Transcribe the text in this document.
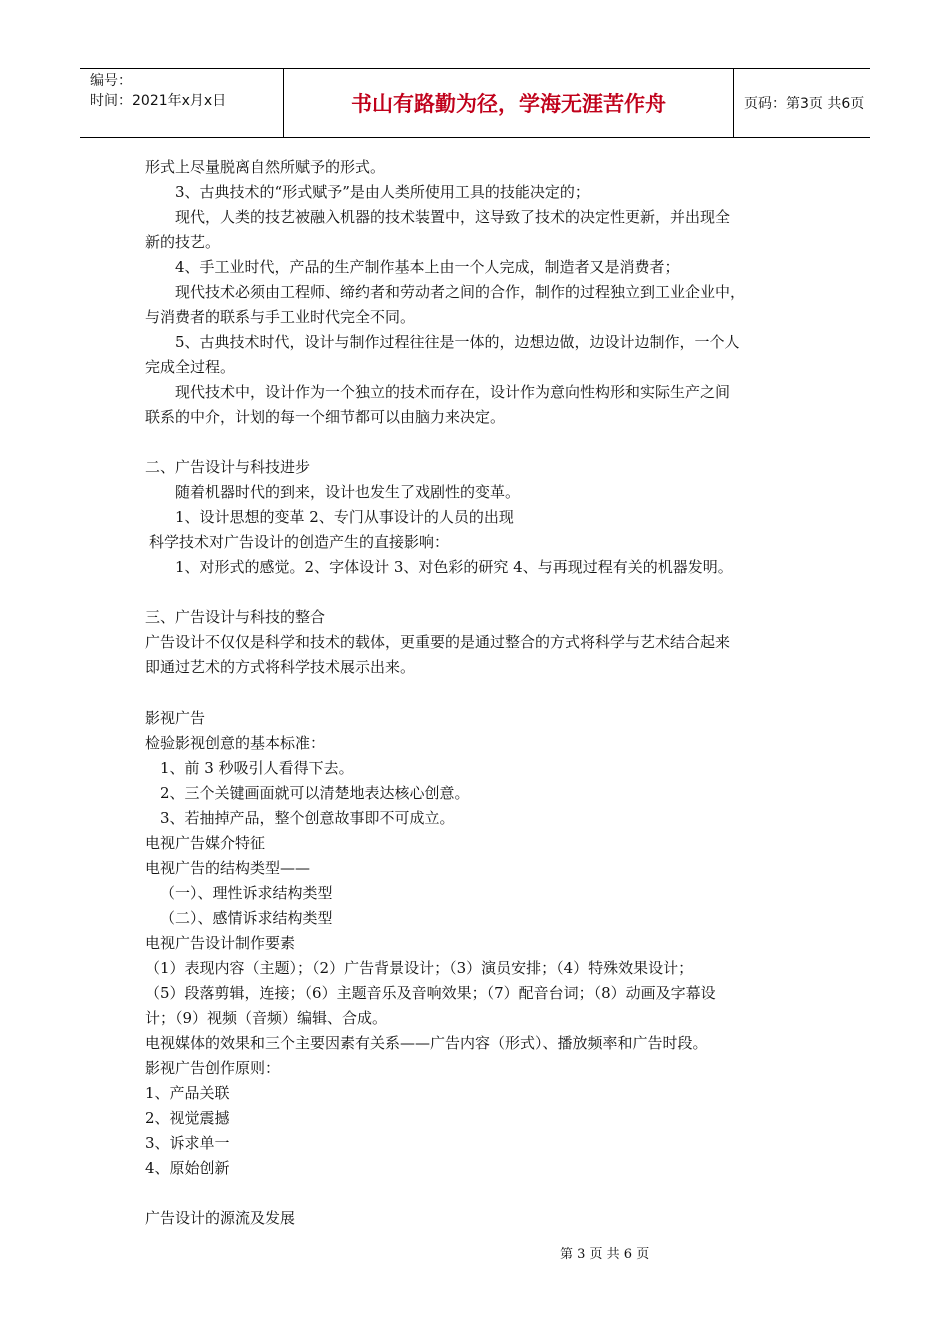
编号：
时间：2021年x月x日	书山有路勤为径，学海无涯苦作舟	页码：第3页 共6页
形式上尽量脱离自然所赋予的形式。
3、古典技术的“形式赋予”是由人类所使用工具的技能决定的；
现代，人类的技艺被融入机器的技术装置中，这导致了技术的决定性更新，并出现全
新的技艺。
4、手工业时代，产品的生产制作基本上由一个人完成，制造者又是消费者；
现代技术必须由工程师、缔约者和劳动者之间的合作，制作的过程独立到工业企业中，
与消费者的联系与手工业时代完全不同。
5、古典技术时代，设计与制作过程往往是一体的，边想边做，边设计边制作，一个人
完成全过程。
现代技术中，设计作为一个独立的技术而存在，设计作为意向性构形和实际生产之间
联系的中介，计划的每一个细节都可以由脑力来决定。
二、广告设计与科技进步
随着机器时代的到来，设计也发生了戏剧性的变革。
1、设计思想的变革 2、专门从事设计的人员的出现
科学技术对广告设计的创造产生的直接影响：
1、对形式的感觉。2、字体设计 3、对色彩的研究 4、与再现过程有关的机器发明。
三、广告设计与科技的整合
广告设计不仅仅是科学和技术的载体，更重要的是通过整合的方式将科学与艺术结合起来
即通过艺术的方式将科学技术展示出来。
影视广告
检验影视创意的基本标准：
1、前 3 秒吸引人看得下去。
2、三个关键画面就可以清楚地表达核心创意。
3、若抽掉产品，整个创意故事即不可成立。
电视广告媒介特征
电视广告的结构类型——
（一）、理性诉求结构类型
（二）、感情诉求结构类型
电视广告设计制作要素
（1）表现内容（主题）；（2）广告背景设计；（3）演员安排；（4）特殊效果设计；
（5）段落剪辑，连接；（6）主题音乐及音响效果；（7）配音台词；（8）动画及字幕设
计；（9）视频（音频）编辑、合成。
电视媒体的效果和三个主要因素有关系——广告内容（形式）、播放频率和广告时段。
影视广告创作原则：
1、产品关联
2、视觉震撼
3、诉求单一
4、原始创新
广告设计的源流及发展
第 3 页 共 6 页
